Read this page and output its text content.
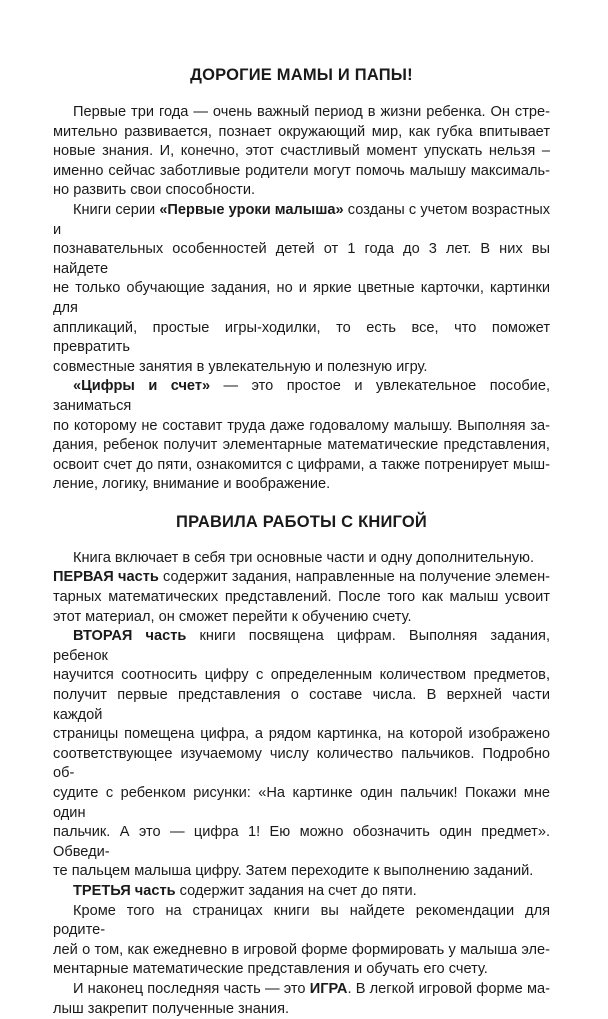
ДОРОГИЕ МАМЫ И ПАПЫ!

Первые три года — очень важный период в жизни ребенка. Он стре-
мительно развивается, познает окружающий мир, как губка впитывает
новые знания. И, конечно, этот счастливый момент упускать нельзя –
именно сейчас заботливые родители могут помочь малышу максималь-
но развить свои способности.

Книги серии «Первые уроки малыша» созданы с учетом возрастных и
познавательных особенностей детей от 1 года до 3 лет. В них вы найдете
не только обучающие задания, но и яркие цветные карточки, картинки для
аппликаций, простые игры-ходилки, то есть все, что поможет превратить
совместные занятия в увлекательную и полезную игру.

«Цифры и счет» — это простое и увлекательное пособие, заниматься
по которому не составит труда даже годовалому малышу. Выполняя за-
дания, ребенок получит элементарные математические представления,
освоит счет до пяти, ознакомится с цифрами, а также потренирует мыш-
ление, логику, внимание и воображение.

ПРАВИЛА РАБОТЫ С КНИГОЙ

Книга включает в себя три основные части и одну дополнительную.
ПЕРВАЯ часть содержит задания, направленные на получение элемен-
тарных математических представлений. После того как малыш усвоит
этот материал, он сможет перейти к обучению счету.

ВТОРАЯ часть книги посвящена цифрам. Выполняя задания, ребенок
научится соотносить цифру с определенным количеством предметов,
получит первые представления о составе числа. В верхней части каждой
страницы помещена цифра, а рядом картинка, на которой изображено
соответствующее изучаемому числу количество пальчиков. Подробно об-
судите с ребенком рисунки: «На картинке один пальчик! Покажи мне один
пальчик. А это — цифра 1! Ею можно обозначить один предмет». Обведи-
те пальцем малыша цифру. Затем переходите к выполнению заданий.

ТРЕТЬЯ часть содержит задания на счет до пяти.

Кроме того на страницах книги вы найдете рекомендации для родите-
лей о том, как ежедневно в игровой форме формировать у малыша эле-
ментарные математические представления и обучать его счету.

И наконец последняя часть — это ИГРА. В легкой игровой форме ма-
лыш закрепит полученные знания.
